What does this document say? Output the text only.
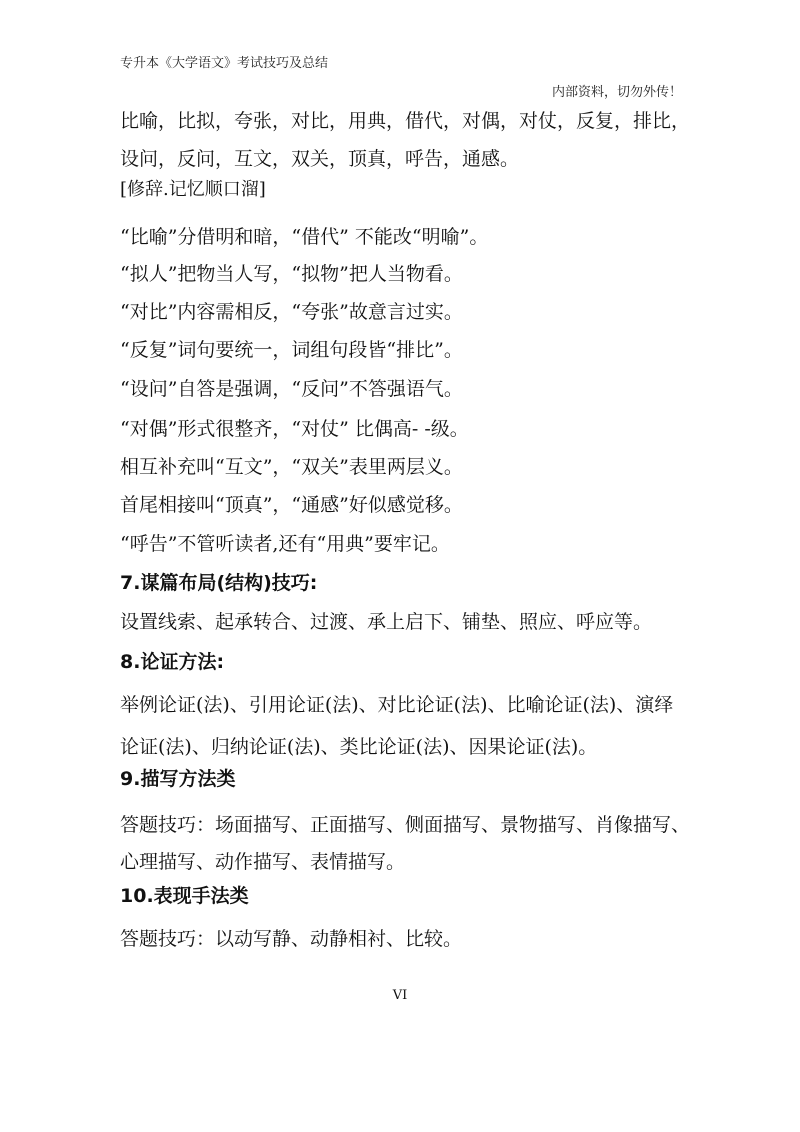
专升本《大学语文》考试技巧及总结
内部资料，切勿外传！
比喻，比拟，夸张，对比，用典，借代，对偶，对仗，反复，排比，
设问，反问，互文，双关，顶真，呼告，通感。
[修辞.记忆顺口溜]
“比喻”分借明和暗，“借代” 不能改“明喻”。
“拟人”把物当人写，“拟物”把人当物看。
“对比”内容需相反，“夸张”故意言过实。
“反复”词句要统一，词组句段皆“排比”。
“设问”自答是强调，“反问”不答强语气。
“对偶”形式很整齐，“对仗” 比偶高- -级。
相互补充叫“互文”，“双关”表里两层义。
首尾相接叫“顶真”，“通感”好似感觉移。
“呼告”不管听读者,还有“用典”要牢记。
7.谋篇布局(结构)技巧:
设置线索、起承转合、过渡、承上启下、铺垫、照应、呼应等。
8.论证方法:
举例论证(法)、引用论证(法)、对比论证(法)、比喻论证(法)、演绎
论证(法)、归纳论证(法)、类比论证(法)、因果论证(法)。
9.描写方法类
答题技巧：场面描写、正面描写、侧面描写、景物描写、肖像描写、
心理描写、动作描写、表情描写。
10.表现手法类
答题技巧：以动写静、动静相衬、比较。
VI
